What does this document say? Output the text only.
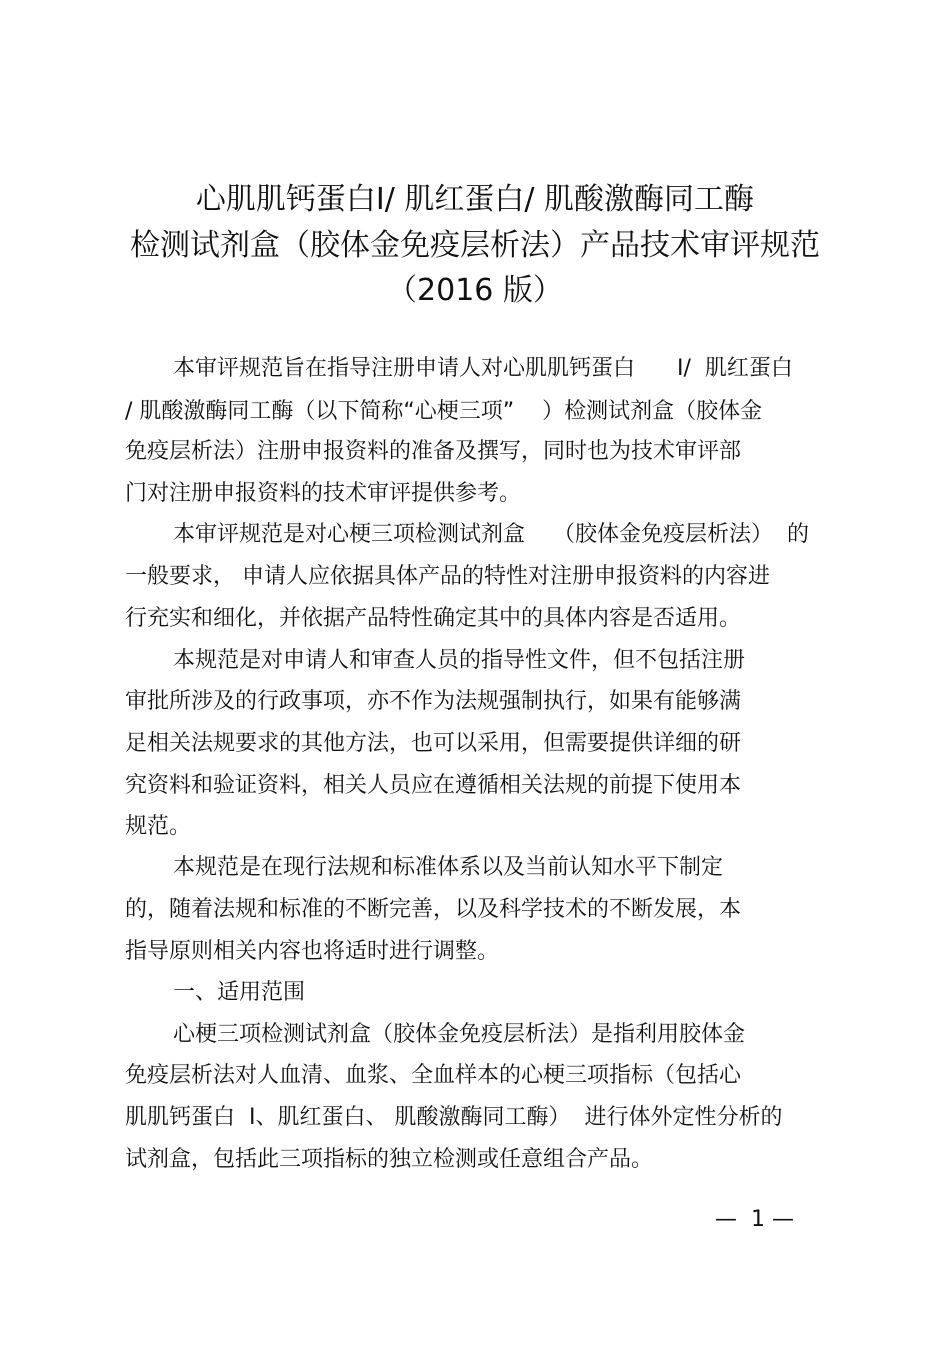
心肌肌钙蛋白Ⅰ/ 肌红蛋白/ 肌酸激酶同工酶
检测试剂盒（胶体金免疫层析法）产品技术审评规范
（2016 版）
本审评规范旨在指导注册申请人对心肌肌钙蛋白      Ⅰ/  肌红蛋白
/ 肌酸激酶同工酶（以下简称“心梗三项”    ）检测试剂盒（胶体金
免疫层析法）注册申报资料的准备及撰写，同时也为技术审评部
门对注册申报资料的技术审评提供参考。
本审评规范是对心梗三项检测试剂盒    （胶体金免疫层析法）  的
一般要求， 申请人应依据具体产品的特性对注册申报资料的内容进
行充实和细化，并依据产品特性确定其中的具体内容是否适用。
本规范是对申请人和审查人员的指导性文件，但不包括注册
审批所涉及的行政事项，亦不作为法规强制执行，如果有能够满
足相关法规要求的其他方法，也可以采用，但需要提供详细的研
究资料和验证资料，相关人员应在遵循相关法规的前提下使用本
规范。
本规范是在现行法规和标准体系以及当前认知水平下制定
的，随着法规和标准的不断完善，以及科学技术的不断发展，本
指导原则相关内容也将适时进行调整。
一、适用范围
心梗三项检测试剂盒（胶体金免疫层析法）是指利用胶体金
免疫层析法对人血清、血浆、全血样本的心梗三项指标（包括心
肌肌钙蛋白  Ⅰ、肌红蛋白、 肌酸激酶同工酶）  进行体外定性分析的
试剂盒，包括此三项指标的独立检测或任意组合产品。
—  1 —
